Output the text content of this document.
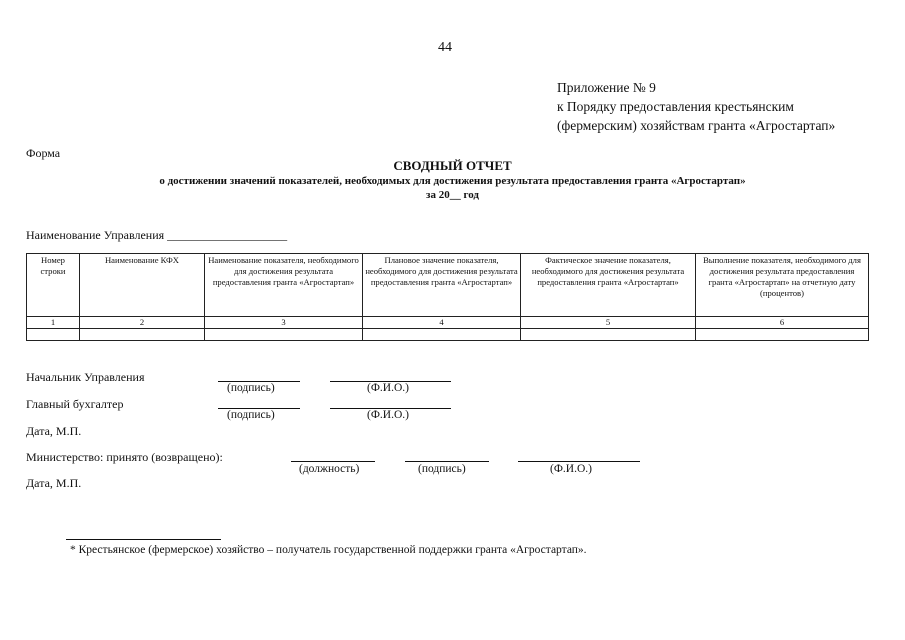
44
Приложение № 9
к Порядку предоставления крестьянским
(фермерским) хозяйствам гранта «Агростартап»
Форма
СВОДНЫЙ ОТЧЕТ
о достижении значений показателей, необходимых для достижения результата предоставления гранта «Агростартап»
за 20__ год
Наименование Управления ____________________
Номер строки	Наименование КФХ	Наименование показателя, необходимого для достижения результата предоставления гранта «Агростартап»	Плановое значение показателя, необходимого для достижения результата предоставления гранта «Агростартап»	Фактическое значение показателя, необходимого для достижения результата предоставления гранта «Агростартап»	Выполнение показателя, необходимого для достижения результата предоставления гранта «Агростартап» на отчетную дату (процентов)
1	2	3	4	5	6

Начальник Управления
(подпись)	(Ф.И.О.)
Главный бухгалтер
(подпись)	(Ф.И.О.)
Дата, М.П.
Министерство: принято (возвращено):
(должность)	(подпись)	(Ф.И.О.)
Дата, М.П.
* Крестьянское (фермерское) хозяйство – получатель государственной поддержки гранта «Агростартап».
